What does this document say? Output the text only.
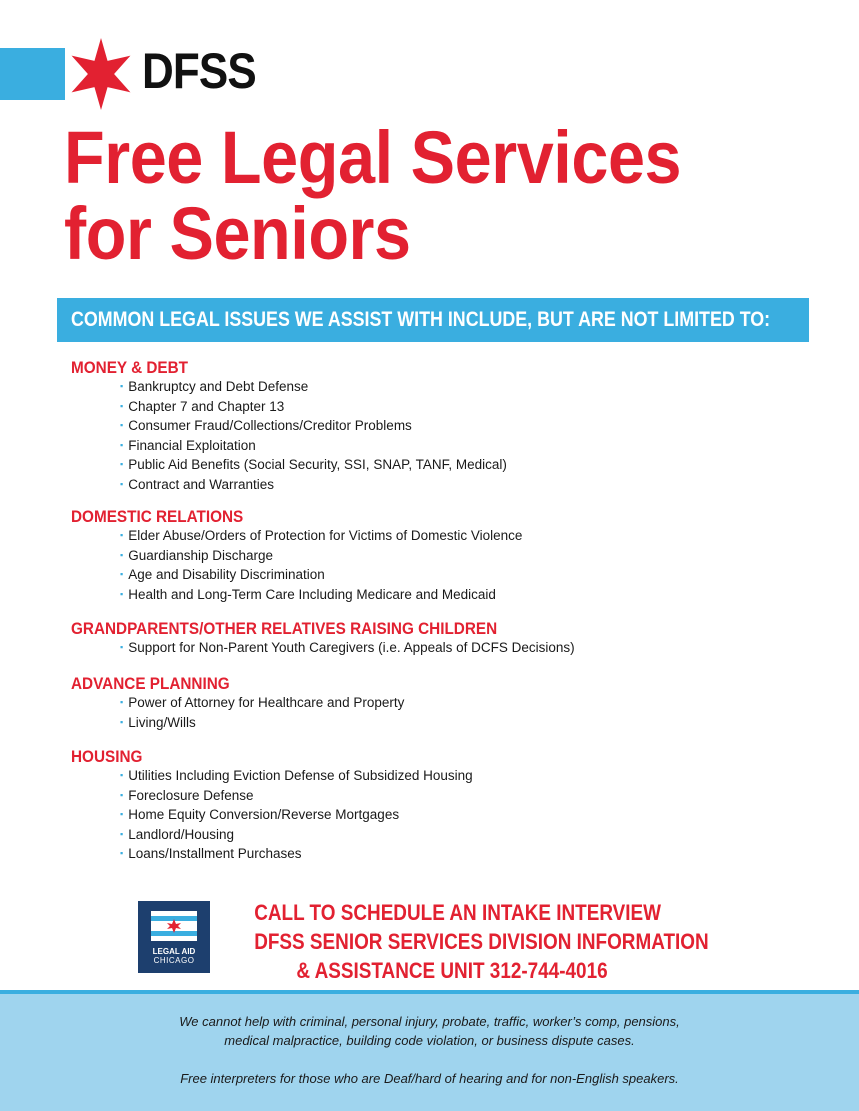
DFSS
Free Legal Services
for Seniors
COMMON LEGAL ISSUES WE ASSIST WITH INCLUDE, BUT ARE NOT LIMITED TO:
MONEY & DEBT
▪ Bankruptcy and Debt Defense
▪ Chapter 7 and Chapter 13
▪ Consumer Fraud/Collections/Creditor Problems
▪ Financial Exploitation
▪ Public Aid Benefits (Social Security, SSI, SNAP, TANF, Medical)
▪ Contract and Warranties
DOMESTIC RELATIONS
▪ Elder Abuse/Orders of Protection for Victims of Domestic Violence
▪ Guardianship Discharge
▪ Age and Disability Discrimination
▪ Health and Long-Term Care Including Medicare and Medicaid
GRANDPARENTS/OTHER RELATIVES RAISING CHILDREN
▪ Support for Non-Parent Youth Caregivers (i.e. Appeals of DCFS Decisions)
ADVANCE PLANNING
▪ Power of Attorney for Healthcare and Property
▪ Living/Wills
HOUSING
▪ Utilities Including Eviction Defense of Subsidized Housing
▪ Foreclosure Defense
▪ Home Equity Conversion/Reverse Mortgages
▪ Landlord/Housing
▪ Loans/Installment Purchases
LEGAL AID
CHICAGO
CALL TO SCHEDULE AN INTAKE INTERVIEW
DFSS SENIOR SERVICES DIVISION INFORMATION
& ASSISTANCE UNIT 312-744-4016

We cannot help with criminal, personal injury, probate, traffic, worker’s comp, pensions,
medical malpractice, building code violation, or business dispute cases.

Free interpreters for those who are Deaf/hard of hearing and for non-English speakers.
